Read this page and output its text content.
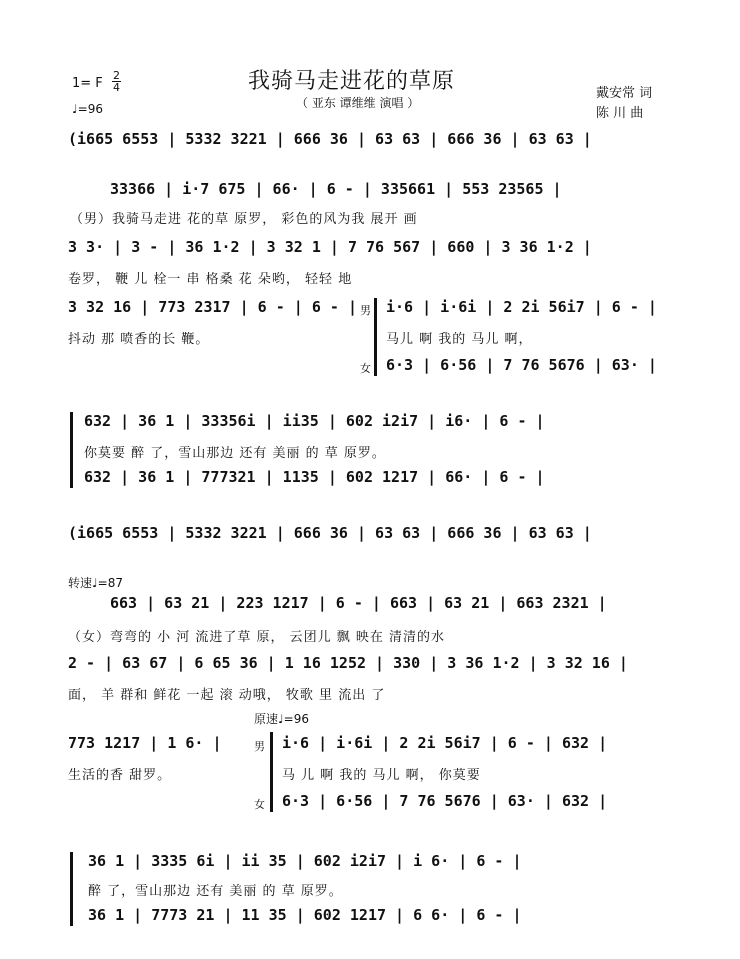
1= F
2
4
♩=96
我骑马走进花的草原
（ 亚东 谭维维 演唱 ）
戴安常 词
陈 川 曲
(i665 6553 | 5332 3221 | 666 36 | 63 63 | 666 36 | 63 63 |
33366 | i·7 675 | 66· | 6 - | 335661 | 553 23565 |
（男）我骑马走进 花的草 原罗， 彩色的风为我 展开 画
3 3· | 3 - | 36 1·2 | 3 32 1 | 7 76 567 | 660 | 3 36 1·2 |
卷罗， 鞭 儿 栓一 串 格桑 花 朵哟， 轻轻 地
3 32 16 | 773 2317 | 6 - | 6 - |
抖动 那 喷香的长 鞭。
男 i·6 | i·6i | 2 2i 56i7 | 6 - |
马儿 啊 我的 马儿 啊，
女 6·3 | 6·56 | 7 76 5676 | 63· |
632 | 36 1 | 33356i | ii35 | 602 i2i7 | i6· | 6 - |
你莫要 醉 了，雪山那边 还有 美丽 的 草 原罗。
632 | 36 1 | 777321 | 1135 | 602 1217 | 66· | 6 - |
(i665 6553 | 5332 3221 | 666 36 | 63 63 | 666 36 | 63 63 |
转速♩=87
663 | 63 21 | 223 1217 | 6 - | 663 | 63 21 | 663 2321 |
（女）弯弯的 小 河 流进了草 原， 云团儿 飘 映在 清清的水
2 - | 63 67 | 6 65 36 | 1 16 1252 | 330 | 3 36 1·2 | 3 32 16 |
面， 羊 群和 鲜花 一起 滚 动哦， 牧歌 里 流出 了
原速♩=96
773 1217 | 1 6· |
生活的香 甜罗。
男 i·6 | i·6i | 2 2i 56i7 | 6 - | 632 |
马 儿 啊 我的 马儿 啊， 你莫要
女 6·3 | 6·56 | 7 76 5676 | 63· | 632 |
36 1 | 3335 6i | ii 35 | 602 i2i7 | i 6· | 6 - |
醉 了，雪山那边 还有 美丽 的 草 原罗。
36 1 | 7773 21 | 11 35 | 602 1217 | 6 6· | 6 - |
